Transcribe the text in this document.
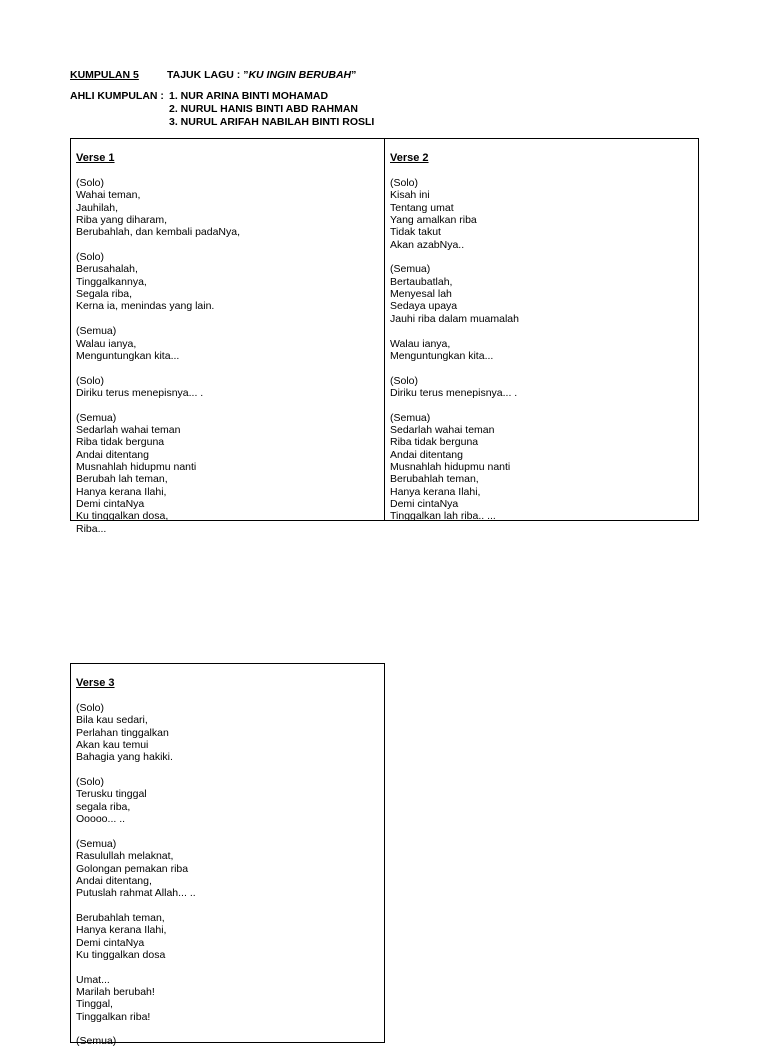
KUMPULAN 5	TAJUK LAGU : ”KU INGIN BERUBAH”
AHLI KUMPULAN : 1. NUR ARINA BINTI MOHAMAD
2. NURUL HANIS BINTI ABD RAHMAN
3. NURUL ARIFAH NABILAH BINTI ROSLI

Verse 1

(Solo)
Wahai teman,
Jauhilah,
Riba yang diharam,
Berubahlah, dan kembali padaNya,

(Solo)
Berusahalah,
Tinggalkannya,
Segala riba,
Kerna ia, menindas yang lain.

(Semua)
Walau ianya,
Menguntungkan kita...

(Solo)
Diriku terus menepisnya... .

(Semua)
Sedarlah wahai teman
Riba tidak berguna
Andai ditentang
Musnahlah hidupmu nanti
Berubah lah teman,
Hanya kerana Ilahi,
Demi cintaNya
Ku tinggalkan dosa,
Riba...

Verse 2

(Solo)
Kisah ini
Tentang umat
Yang amalkan riba
Tidak takut
Akan azabNya..

(Semua)
Bertaubatlah,
Menyesal lah
Sedaya upaya
Jauhi riba dalam muamalah

Walau ianya,
Menguntungkan kita...

(Solo)
Diriku terus menepisnya... .

(Semua)
Sedarlah wahai teman
Riba tidak berguna
Andai ditentang
Musnahlah hidupmu nanti
Berubahlah teman,
Hanya kerana Ilahi,
Demi cintaNya
Tinggalkan lah riba.. ...

Verse 3

(Solo)
Bila kau sedari,
Perlahan tinggalkan
Akan kau temui
Bahagia yang hakiki.

(Solo)
Terusku tinggal
segala riba,
Ooooo... ..

(Semua)
Rasulullah melaknat,
Golongan pemakan riba
Andai ditentang,
Putuslah rahmat Allah... ..

Berubahlah teman,
Hanya kerana Ilahi,
Demi cintaNya
Ku tinggalkan dosa

Umat...
Marilah berubah!
Tinggal,
Tinggalkan riba!

(Semua)
